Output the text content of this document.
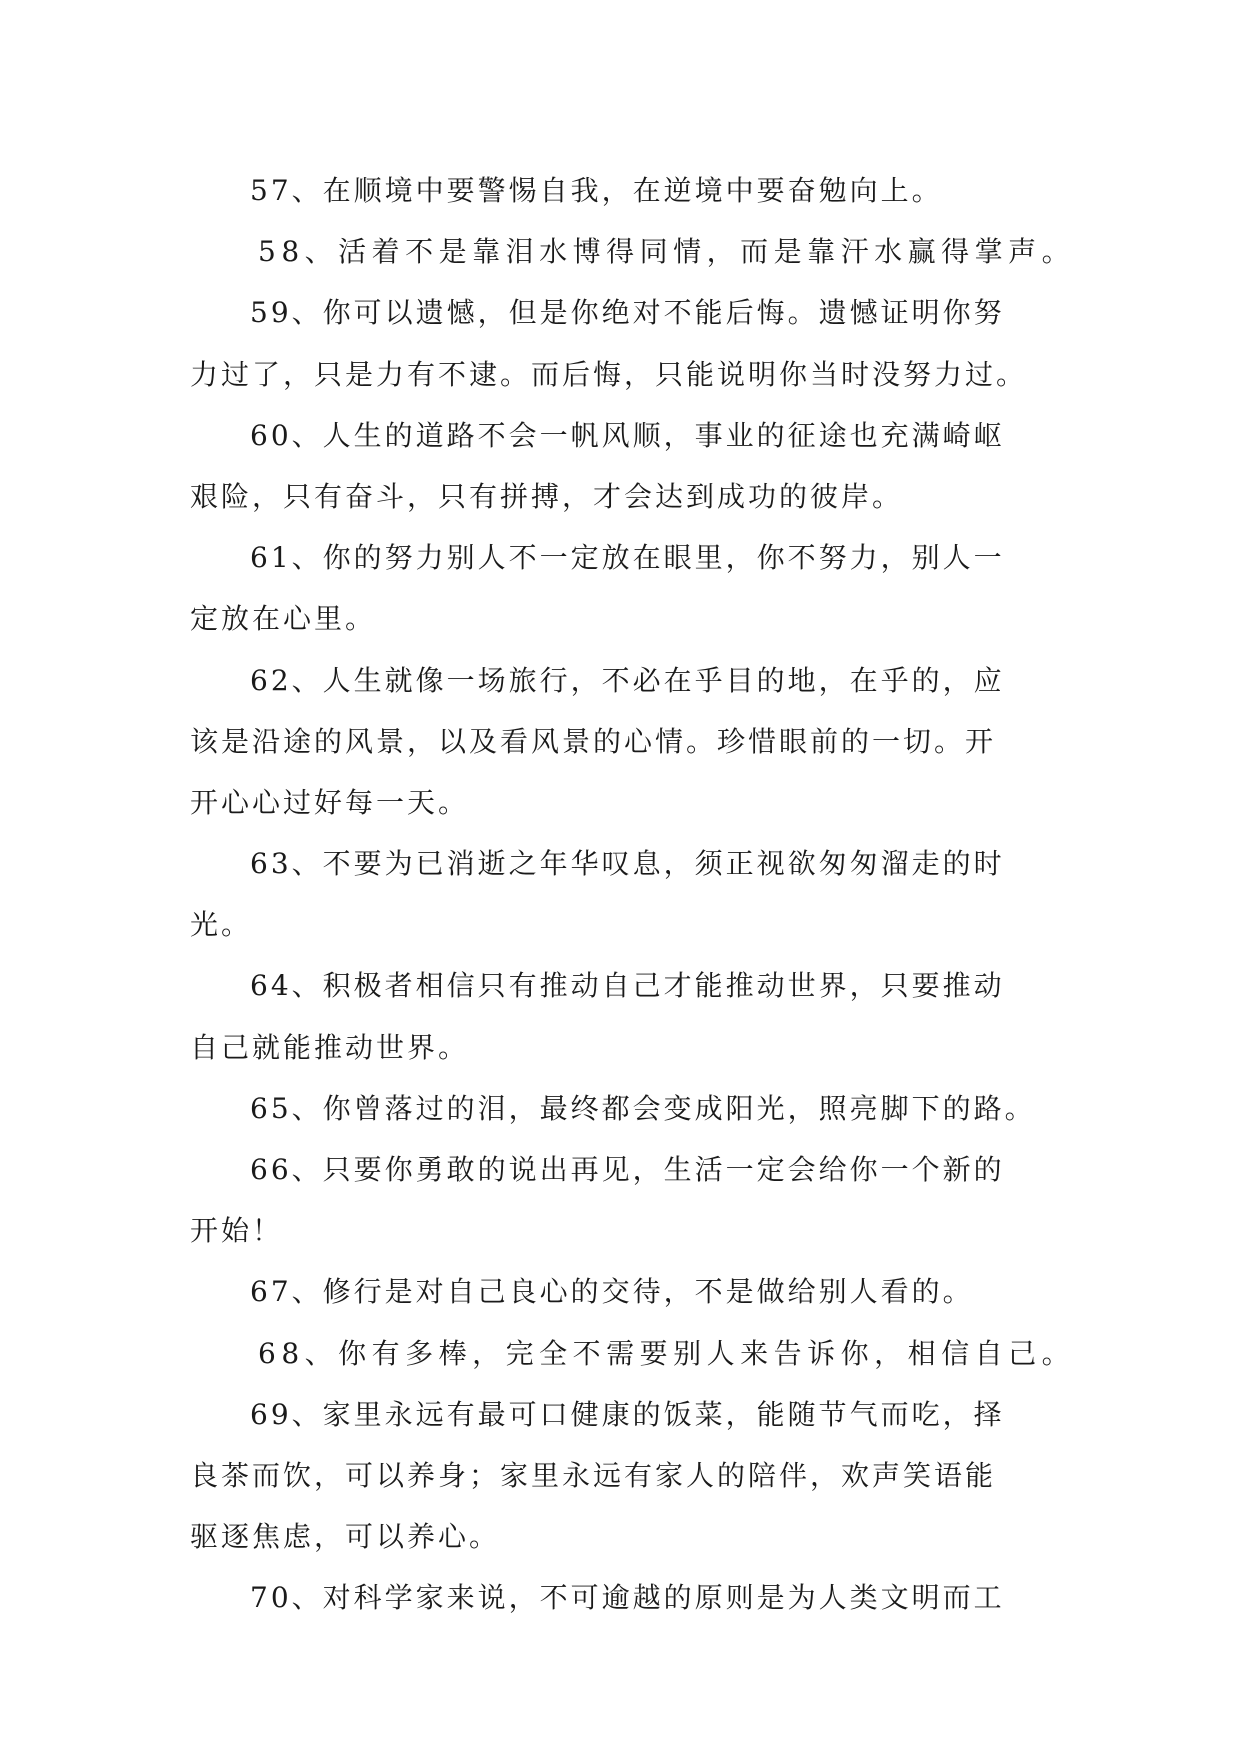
57、在顺境中要警惕自我，在逆境中要奋勉向上。
58、活着不是靠泪水博得同情，而是靠汗水赢得掌声。
59、你可以遗憾，但是你绝对不能后悔。遗憾证明你努
力过了，只是力有不逮。而后悔，只能说明你当时没努力过。
60、人生的道路不会一帆风顺，事业的征途也充满崎岖
艰险，只有奋斗，只有拼搏，才会达到成功的彼岸。
61、你的努力别人不一定放在眼里，你不努力，别人一
定放在心里。
62、人生就像一场旅行，不必在乎目的地，在乎的，应
该是沿途的风景，以及看风景的心情。珍惜眼前的一切。开
开心心过好每一天。
63、不要为已消逝之年华叹息，须正视欲匆匆溜走的时
光。
64、积极者相信只有推动自己才能推动世界，只要推动
自己就能推动世界。
65、你曾落过的泪，最终都会变成阳光，照亮脚下的路。
66、只要你勇敢的说出再见，生活一定会给你一个新的
开始！
67、修行是对自己良心的交待，不是做给别人看的。
68、你有多棒，完全不需要别人来告诉你，相信自己。
69、家里永远有最可口健康的饭菜，能随节气而吃，择
良茶而饮，可以养身；家里永远有家人的陪伴，欢声笑语能
驱逐焦虑，可以养心。
70、对科学家来说，不可逾越的原则是为人类文明而工
